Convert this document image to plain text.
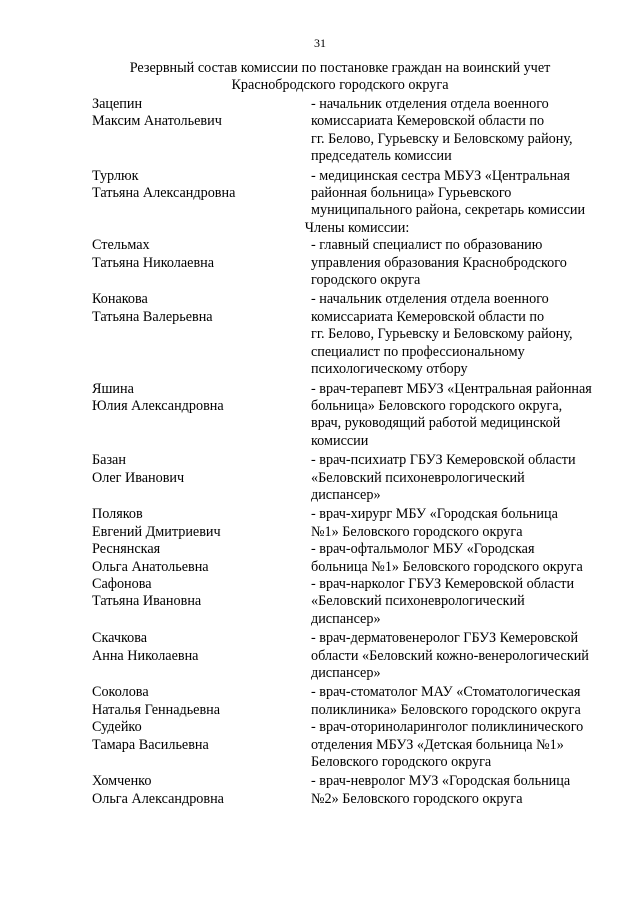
31
Резервный состав комиссии по постановке граждан на воинский учет
Краснобродского городского округа
Зацепин
Максим Анатольевич
- начальник отделения отдела военного
комиссариата Кемеровской области по
гг. Белово, Гурьевску и Беловскому району,
председатель комиссии
Турлюк
Татьяна Александровна
- медицинская сестра МБУЗ «Центральная
районная больница» Гурьевского
муниципального района, секретарь комиссии
Члены комиссии:
Стельмах
Татьяна Николаевна
- главный специалист по образованию
управления образования Краснобродского
городского округа
Конакова
Татьяна Валерьевна
- начальник отделения отдела военного
комиссариата Кемеровской области по
гг. Белово, Гурьевску и Беловскому району,
специалист по профессиональному
психологическому отбору
Яшина
Юлия Александровна
- врач-терапевт МБУЗ «Центральная районная
больница» Беловского городского округа,
врач, руководящий работой медицинской
комиссии
Базан
Олег Иванович
- врач-психиатр ГБУЗ Кемеровской области
«Беловский психоневрологический
диспансер»
Поляков
Евгений Дмитриевич
- врач-хирург МБУ «Городская больница
№1» Беловского городского округа
Реснянская
Ольга Анатольевна
- врач-офтальмолог МБУ «Городская
больница №1» Беловского городского округа
Сафонова
Татьяна Ивановна
- врач-нарколог ГБУЗ Кемеровской области
«Беловский психоневрологический
диспансер»
Скачкова
Анна Николаевна
- врач-дерматовенеролог ГБУЗ Кемеровской
области «Беловский кожно-венерологический
диспансер»
Соколова
Наталья Геннадьевна
- врач-стоматолог МАУ «Стоматологическая
поликлиника» Беловского городского округа
Судейко
Тамара Васильевна
- врач-оториноларинголог поликлинического
отделения МБУЗ «Детская больница №1»
Беловского городского округа
Хомченко
Ольга Александровна
- врач-невролог МУЗ «Городская больница
№2» Беловского городского округа
